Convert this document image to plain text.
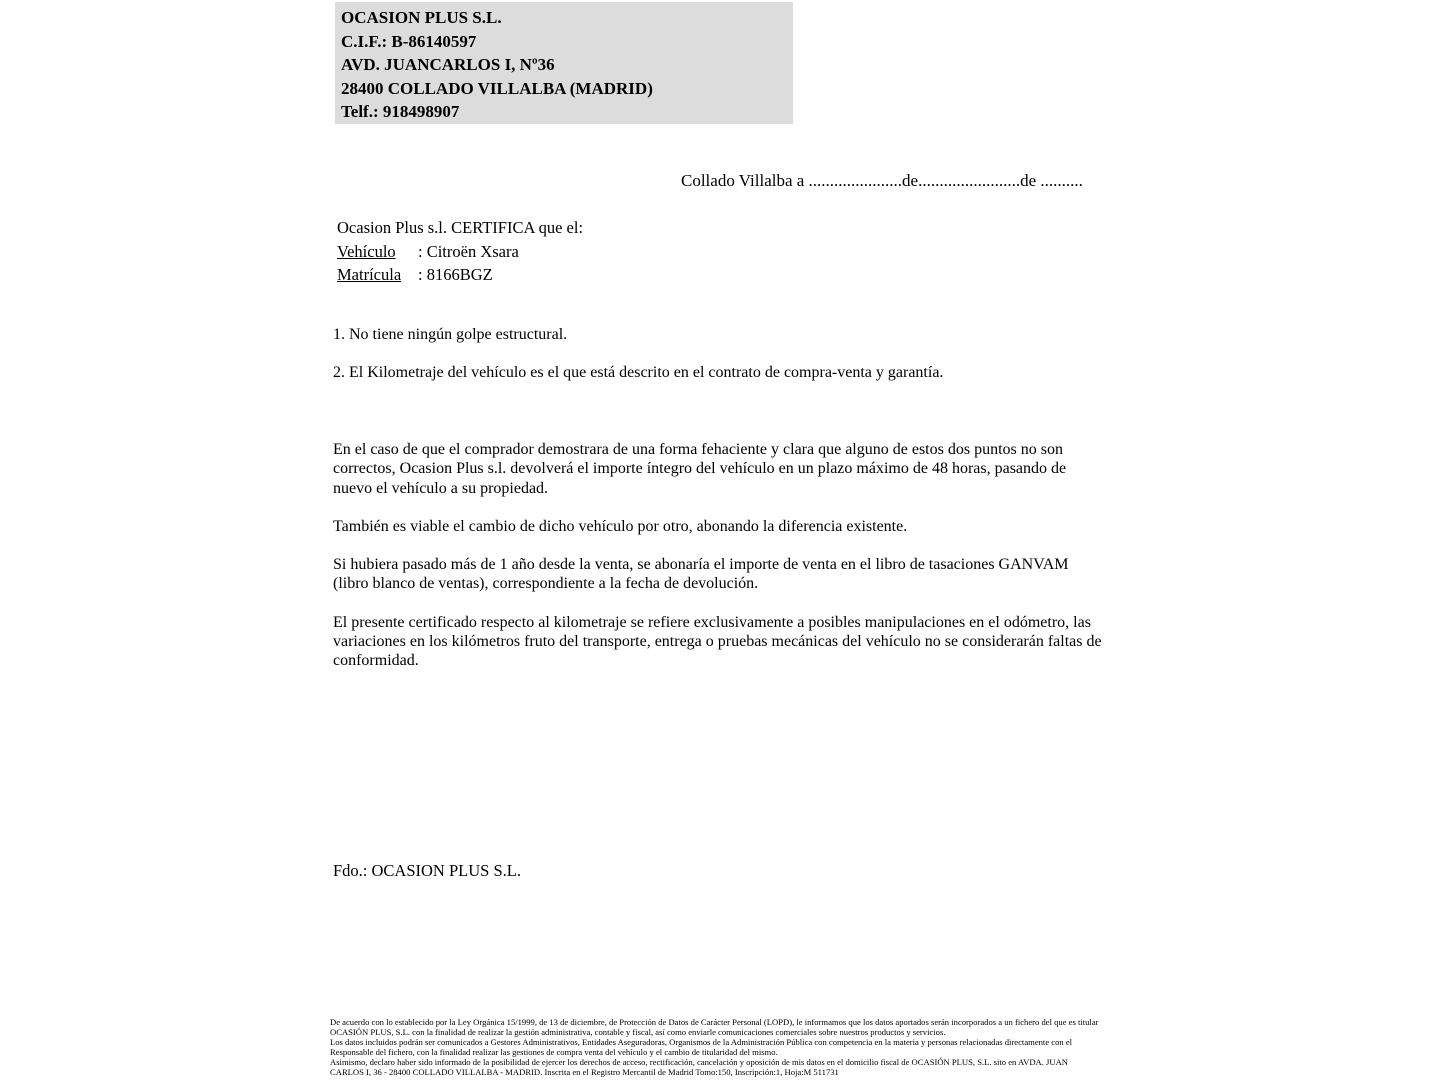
OCASION PLUS S.L.
C.I.F.: B-86140597
AVD. JUANCARLOS I, Nº36
28400 COLLADO VILLALBA (MADRID)
Telf.: 918498907
Collado Villalba a ......................de........................de ..........
Ocasion Plus s.l. CERTIFICA que el:
Vehículo : Citroën Xsara
Matrícula : 8166BGZ
1. No tiene ningún golpe estructural.
2. El Kilometraje del vehículo es el que está descrito en el contrato de compra-venta y garantía.

En el caso de que el comprador demostrara de una forma fehaciente y clara que alguno de estos dos puntos no son correctos, Ocasion Plus s.l. devolverá el importe íntegro del vehículo en un plazo máximo de 48 horas, pasando de nuevo el vehículo a su propiedad.

También es viable el cambio de dicho vehículo por otro, abonando la diferencia existente.

Si hubiera pasado más de 1 año desde la venta, se abonaría el importe de venta en el libro de tasaciones GANVAM (libro blanco de ventas), correspondiente a la fecha de devolución.

El presente certificado respecto al kilometraje se refiere exclusivamente a posibles manipulaciones en el odómetro, las variaciones en los kilómetros fruto del transporte, entrega o pruebas mecánicas del vehículo no se considerarán faltas de conformidad.

Fdo.: OCASION PLUS S.L.
De acuerdo con lo establecido por la Ley Orgánica 15/1999, de 13 de diciembre, de Protección de Datos de Carácter Personal (LOPD), le informamos que los datos aportados serán incorporados a un fichero del que es titular
OCASIÓN PLUS, S.L. con la finalidad de realizar la gestión administrativa, contable y fiscal, así como enviarle comunicaciones comerciales sobre nuestros productos y servicios.
Los datos incluidos podrán ser comunicados a Gestores Administrativos, Entidades Aseguradoras, Organismos de la Administración Pública con competencia en la materia y personas relacionadas directamente con el
Responsable del fichero, con la finalidad realizar las gestiones de compra venta del vehículo y el cambio de titularidad del mismo.
Asimismo, declaro haber sido informado de la posibilidad de ejercer los derechos de acceso, rectificación, cancelación y oposición de mis datos en el domicilio fiscal de OCASIÓN PLUS, S.L. sito en AVDA. JUAN
CARLOS I, 36 - 28400 COLLADO VILLALBA - MADRID. Inscrita en el Registro Mercantil de Madrid Tomo:150, Inscripción:1, Hoja:M 511731
